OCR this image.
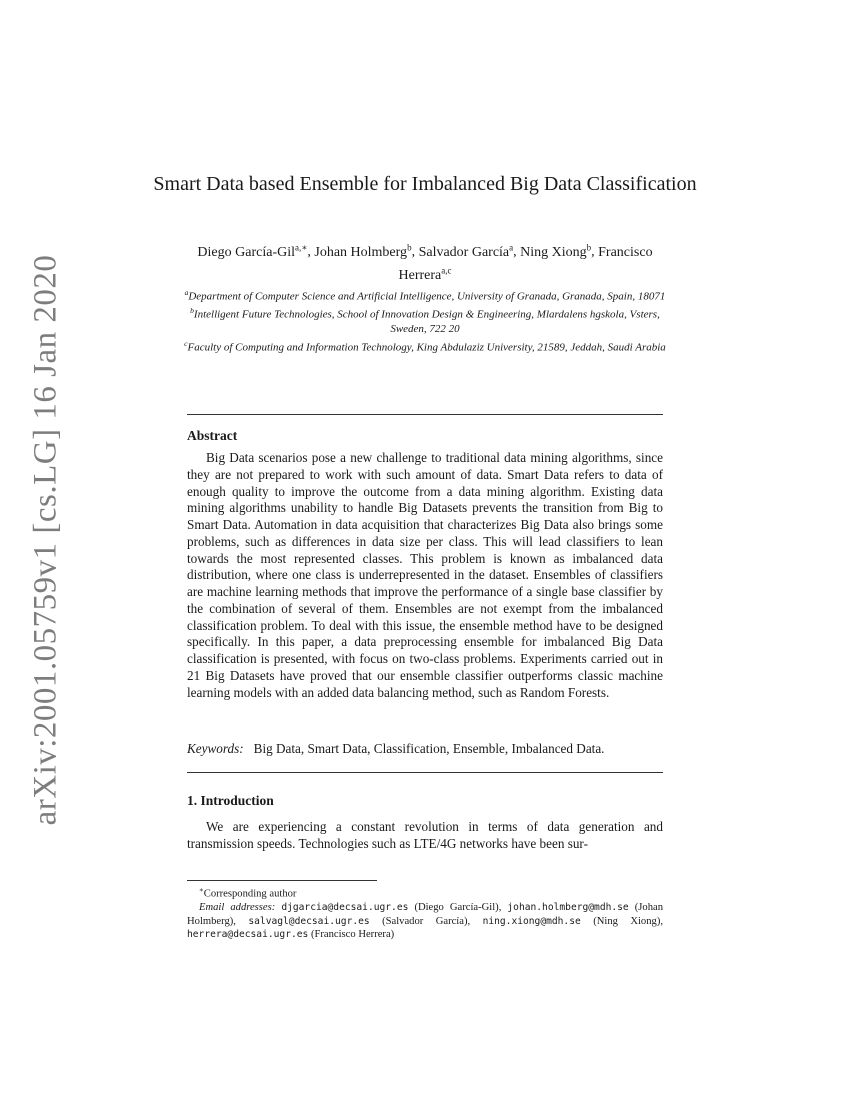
arXiv:2001.05759v1 [cs.LG] 16 Jan 2020
Smart Data based Ensemble for Imbalanced Big Data Classification
Diego García-Gil$^{a,∗}$, Johan Holmberg$^b$, Salvador García$^a$, Ning Xiong$^b$, Francisco Herrera$^{a,c}$
$^a$Department of Computer Science and Artificial Intelligence, University of Granada, Granada, Spain, 18071
$^b$Intelligent Future Technologies, School of Innovation Design & Engineering, Mlardalens hgskola, Vsters, Sweden, 722 20
$^c$Faculty of Computing and Information Technology, King Abdulaziz University, 21589, Jeddah, Saudi Arabia
Abstract

Big Data scenarios pose a new challenge to traditional data mining algorithms, since they are not prepared to work with such amount of data. Smart Data refers to data of enough quality to improve the outcome from a data mining algorithm. Existing data mining algorithms unability to handle Big Datasets prevents the transition from Big to Smart Data. Automation in data acquisition that characterizes Big Data also brings some problems, such as differences in data size per class. This will lead classifiers to lean towards the most represented classes. This problem is known as imbalanced data distribution, where one class is underrepresented in the dataset. Ensembles of classifiers are machine learning methods that improve the performance of a single base classifier by the combination of several of them. Ensembles are not exempt from the imbalanced classification problem. To deal with this issue, the ensemble method have to be designed specifically. In this paper, a data preprocessing ensemble for imbalanced Big Data classification is presented, with focus on two-class problems. Experiments carried out in 21 Big Datasets have proved that our ensemble classifier outperforms classic machine learning models with an added data balancing method, such as Random Forests.

Keywords: Big Data, Smart Data, Classification, Ensemble, Imbalanced Data.
1. Introduction

We are experiencing a constant revolution in terms of data generation and transmission speeds. Technologies such as LTE/4G networks have been sur-

∗Corresponding author
Email addresses: djgarcia@decsai.ugr.es (Diego García-Gil), johan.holmberg@mdh.se (Johan Holmberg), salvagl@decsai.ugr.es (Salvador García), ning.xiong@mdh.se (Ning Xiong), herrera@decsai.ugr.es (Francisco Herrera)
